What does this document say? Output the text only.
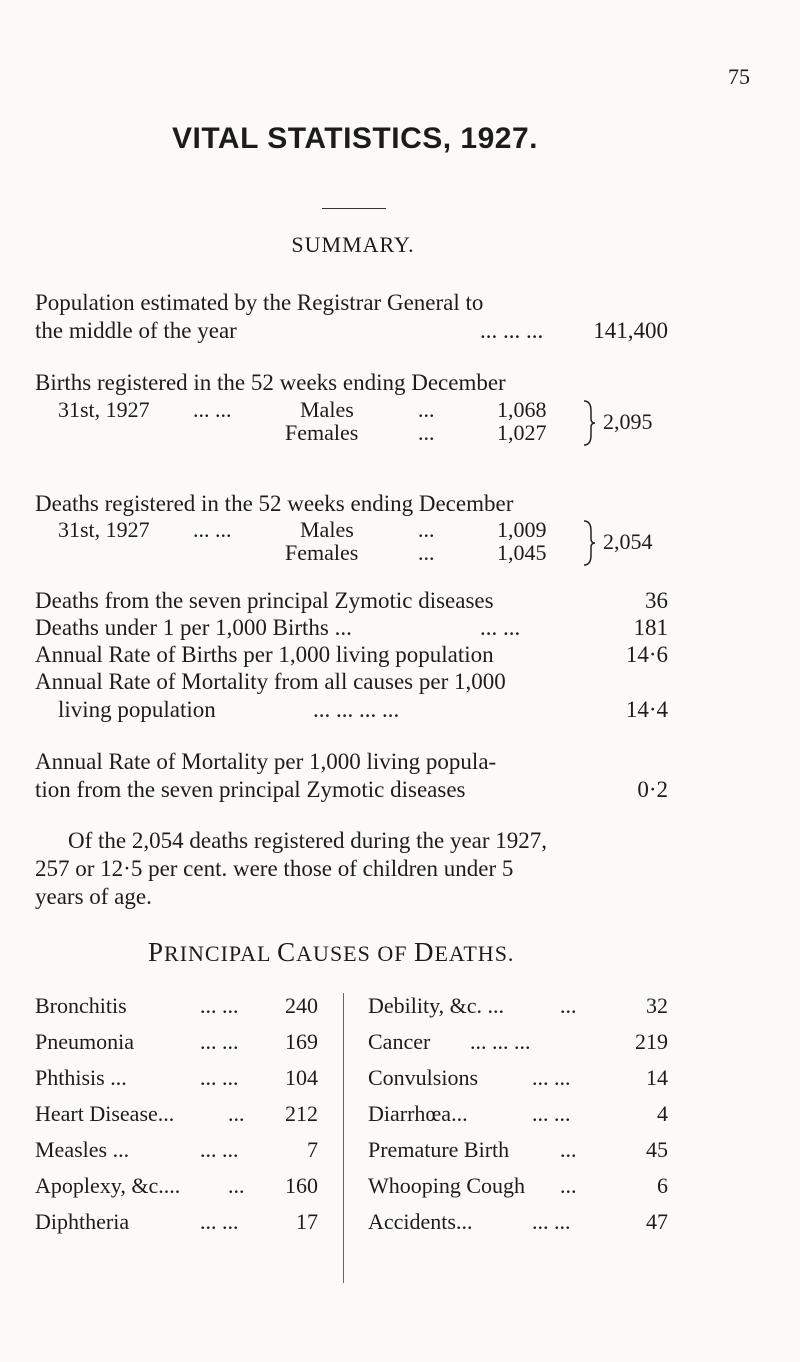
75
VITAL STATISTICS, 1927.
SUMMARY.
Population estimated by the Registrar General to
the middle of the year	... ... ...	141,400
Births registered in the 52 weeks ending December
31st, 1927 ... ...	Males	...	1,068
Females	...	1,027	2,095
Deaths registered in the 52 weeks ending December
31st, 1927 ... ...	Males	...	1,009
Females	...	1,045	2,054
Deaths from the seven principal Zymotic diseases	36
Deaths under 1 per 1,000 Births ...	... ...	181
Annual Rate of Births per 1,000 living population	14·6
Annual Rate of Mortality from all causes per 1,000
living population	... ... ... ...	14·4
Annual Rate of Mortality per 1,000 living popula-
tion from the seven principal Zymotic diseases	0·2
Of the 2,054 deaths registered during the year 1927,
257 or 12·5 per cent. were those of children under 5
years of age.
PRINCIPAL CAUSES OF DEATHS.
Bronchitis	... ...	240
Pneumonia	... ...	169
Phthisis ...	... ...	104
Heart Disease... ...	212
Measles ...	... ...	7
Apoplexy, &c.... ...	160
Diphtheria	... ...	17
Debility, &c. ...	...	32
Cancer ... ... ...	219
Convulsions ... ...	14
Diarrhœa...	... ...	4
Premature Birth ...	45
Whooping Cough ...	6
Accidents...	... ...	47
